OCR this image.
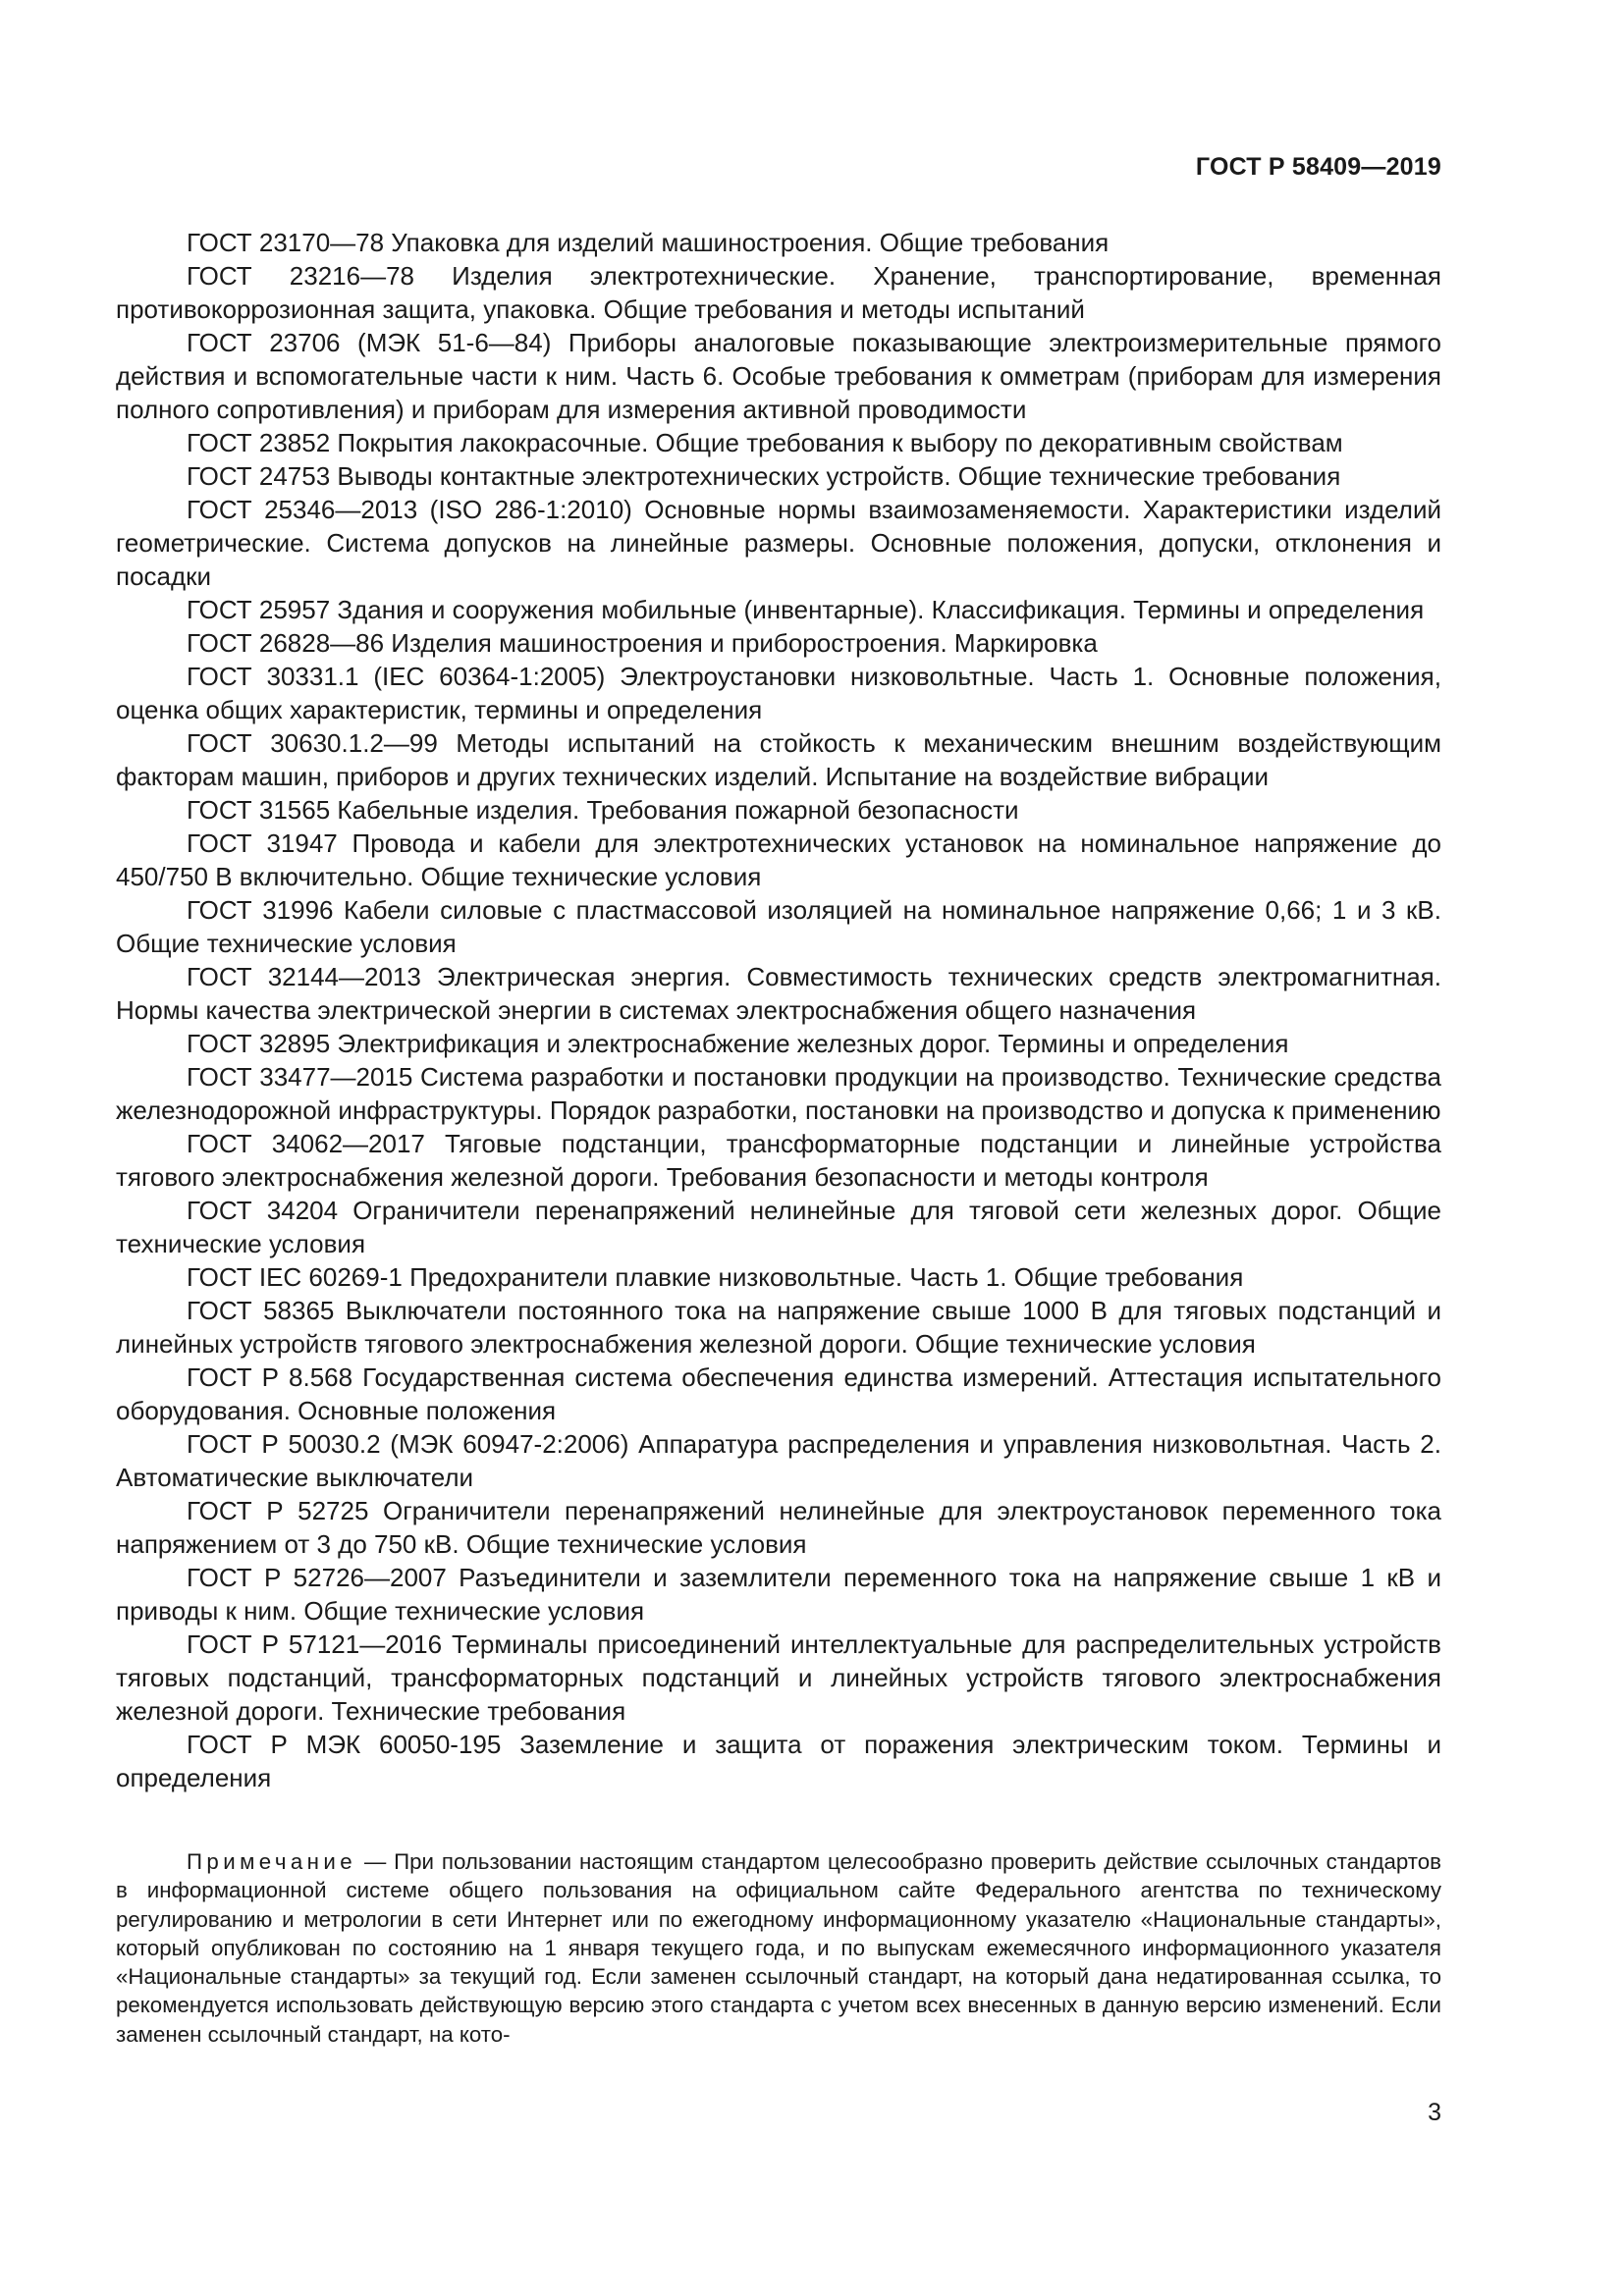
ГОСТ Р 58409—2019
ГОСТ 23170—78 Упаковка для изделий машиностроения. Общие требования
ГОСТ 23216—78 Изделия электротехнические. Хранение, транспортирование, временная противокоррозионная защита, упаковка. Общие требования и методы испытаний
ГОСТ 23706 (МЭК 51-6—84) Приборы аналоговые показывающие электроизмерительные прямого действия и вспомогательные части к ним. Часть 6. Особые требования к омметрам (приборам для измерения полного сопротивления) и приборам для измерения активной проводимости
ГОСТ 23852 Покрытия лакокрасочные. Общие требования к выбору по декоративным свойствам
ГОСТ 24753 Выводы контактные электротехнических устройств. Общие технические требования
ГОСТ 25346—2013 (ISO 286-1:2010) Основные нормы взаимозаменяемости. Характеристики изделий геометрические. Система допусков на линейные размеры. Основные положения, допуски, отклонения и посадки
ГОСТ 25957 Здания и сооружения мобильные (инвентарные). Классификация. Термины и определения
ГОСТ 26828—86 Изделия машиностроения и приборостроения. Маркировка
ГОСТ 30331.1 (IEC 60364-1:2005) Электроустановки низковольтные. Часть 1. Основные положения, оценка общих характеристик, термины и определения
ГОСТ 30630.1.2—99 Методы испытаний на стойкость к механическим внешним воздействующим факторам машин, приборов и других технических изделий. Испытание на воздействие вибрации
ГОСТ 31565 Кабельные изделия. Требования пожарной безопасности
ГОСТ 31947 Провода и кабели для электротехнических установок на номинальное напряжение до 450/750 В включительно. Общие технические условия
ГОСТ 31996 Кабели силовые с пластмассовой изоляцией на номинальное напряжение 0,66; 1 и 3 кВ. Общие технические условия
ГОСТ 32144—2013 Электрическая энергия. Совместимость технических средств электромагнитная. Нормы качества электрической энергии в системах электроснабжения общего назначения
ГОСТ 32895 Электрификация и электроснабжение железных дорог. Термины и определения
ГОСТ 33477—2015 Система разработки и постановки продукции на производство. Технические средства железнодорожной инфраструктуры. Порядок разработки, постановки на производство и допуска к применению
ГОСТ 34062—2017 Тяговые подстанции, трансформаторные подстанции и линейные устройства тягового электроснабжения железной дороги. Требования безопасности и методы контроля
ГОСТ 34204 Ограничители перенапряжений нелинейные для тяговой сети железных дорог. Общие технические условия
ГОСТ IEC 60269-1 Предохранители плавкие низковольтные. Часть 1. Общие требования
ГОСТ 58365 Выключатели постоянного тока на напряжение свыше 1000 В для тяговых подстанций и линейных устройств тягового электроснабжения железной дороги. Общие технические условия
ГОСТ Р 8.568 Государственная система обеспечения единства измерений. Аттестация испытательного оборудования. Основные положения
ГОСТ Р 50030.2 (МЭК 60947-2:2006) Аппаратура распределения и управления низковольтная. Часть 2. Автоматические выключатели
ГОСТ Р 52725 Ограничители перенапряжений нелинейные для электроустановок переменного тока напряжением от 3 до 750 кВ. Общие технические условия
ГОСТ Р 52726—2007 Разъединители и заземлители переменного тока на напряжение свыше 1 кВ и приводы к ним. Общие технические условия
ГОСТ Р 57121—2016 Терминалы присоединений интеллектуальные для распределительных устройств тяговых подстанций, трансформаторных подстанций и линейных устройств тягового электроснабжения железной дороги. Технические требования
ГОСТ Р МЭК 60050-195 Заземление и защита от поражения электрическим током. Термины и определения

Примечание — При пользовании настоящим стандартом целесообразно проверить действие ссылочных стандартов в информационной системе общего пользования на официальном сайте Федерального агентства по техническому регулированию и метрологии в сети Интернет или по ежегодному информационному указателю «Национальные стандарты», который опубликован по состоянию на 1 января текущего года, и по выпускам ежемесячного информационного указателя «Национальные стандарты» за текущий год. Если заменен ссылочный стандарт, на который дана недатированная ссылка, то рекомендуется использовать действующую версию этого стандарта с учетом всех внесенных в данную версию изменений. Если заменен ссылочный стандарт, на кото-

3
